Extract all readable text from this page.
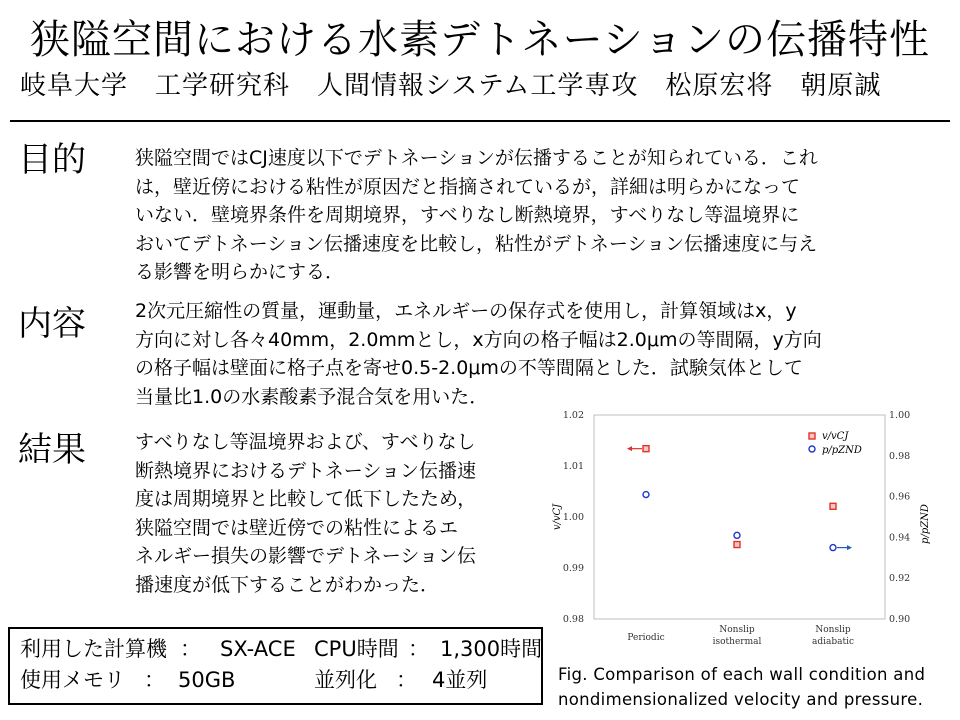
狭隘空間における水素デトネーションの伝播特性
岐阜大学　工学研究科　人間情報システム工学専攻　松原宏将　朝原誠
目的	狭隘空間ではCJ速度以下でデトネーションが伝播することが知られている．これ
は，壁近傍における粘性が原因だと指摘されているが，詳細は明らかになって
いない．壁境界条件を周期境界，すべりなし断熱境界，すべりなし等温境界に
おいてデトネーション伝播速度を比較し，粘性がデトネーション伝播速度に与え
る影響を明らかにする．
内容	2次元圧縮性の質量，運動量，エネルギーの保存式を使用し，計算領域はx，y
方向に対し各々40mm，2.0mmとし，x方向の格子幅は2.0μmの等間隔，y方向
の格子幅は壁面に格子点を寄せ0.5-2.0μmの不等間隔とした．試験気体として
当量比1.0の水素酸素予混合気を用いた．
結果	すべりなし等温境界および、すべりなし
断熱境界におけるデトネーション伝播速
度は周期境界と比較して低下したため，
狭隘空間では壁近傍での粘性によるエ
ネルギー損失の影響でデトネーション伝
播速度が低下することがわかった．
利用した計算機 ： SX-ACE CPU時間 ： 1,300時間
使用メモリ ： 50GB	並列化 ： 4並列	Fig. Comparison of each wall condition and
nondimensionalized velocity and pressure.
0.98
0.99
1.00
1.01
1.02
0.90
0.92
0.94
0.96
0.98
1.00
Periodic
Nonslip
isothermal
Nonslip
adiabatic
v/vCJ	p/pZND
v/vCJ
p/pZND
